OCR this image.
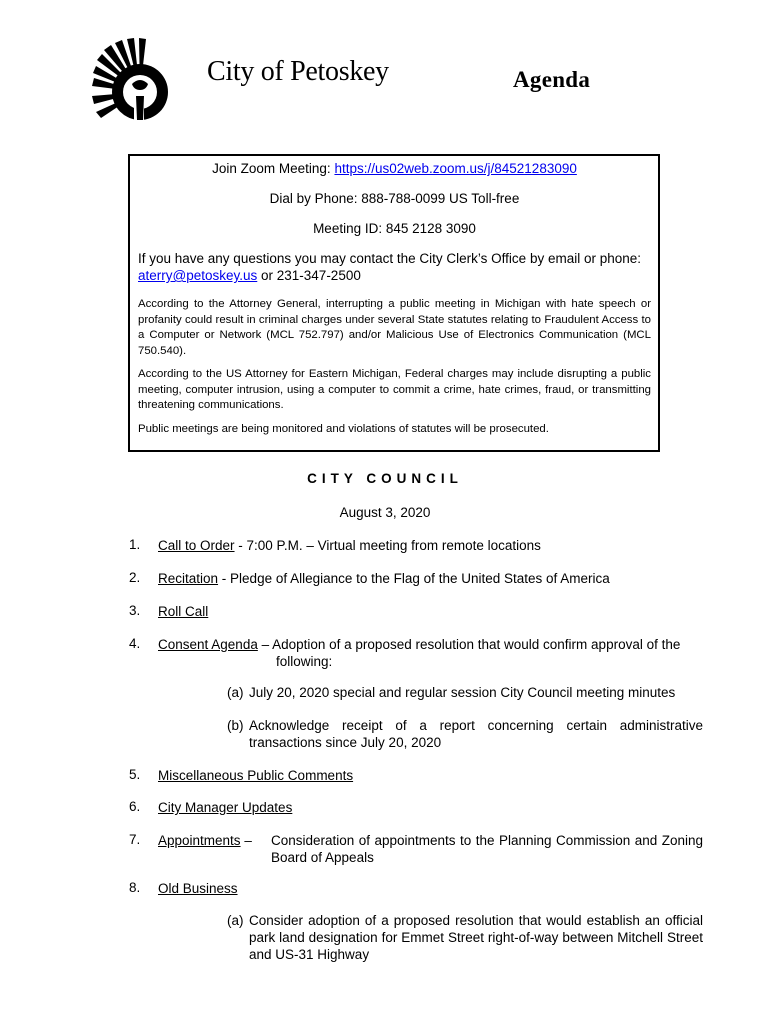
City of Petoskey	Agenda
Join Zoom Meeting: https://us02web.zoom.us/j/84521283090
Dial by Phone: 888-788-0099 US Toll-free
Meeting ID: 845 2128 3090
If you have any questions you may contact the City Clerk’s Office by email or phone:
aterry@petoskey.us or 231-347-2500
According to the Attorney General, interrupting a public meeting in Michigan with hate speech or profanity could result in criminal charges under several State statutes relating to Fraudulent Access to a Computer or Network (MCL 752.797) and/or Malicious Use of Electronics Communication (MCL 750.540).
According to the US Attorney for Eastern Michigan, Federal charges may include disrupting a public meeting, computer intrusion, using a computer to commit a crime, hate crimes, fraud, or transmitting threatening communications.
Public meetings are being monitored and violations of statutes will be prosecuted.
CITY COUNCIL
August 3, 2020
1. Call to Order - 7:00 P.M. – Virtual meeting from remote locations
2. Recitation - Pledge of Allegiance to the Flag of the United States of America
3. Roll Call
4. Consent Agenda – Adoption of a proposed resolution that would confirm approval of the
following:
(a) July 20, 2020 special and regular session City Council meeting minutes
(b) Acknowledge receipt of a report concerning certain administrative transactions since July 20, 2020
5. Miscellaneous Public Comments
6. City Manager Updates
7. Appointments – Consideration of appointments to the Planning Commission and Zoning Board of Appeals
8. Old Business
(a) Consider adoption of a proposed resolution that would establish an official park land designation for Emmet Street right-of-way between Mitchell Street and US-31 Highway
